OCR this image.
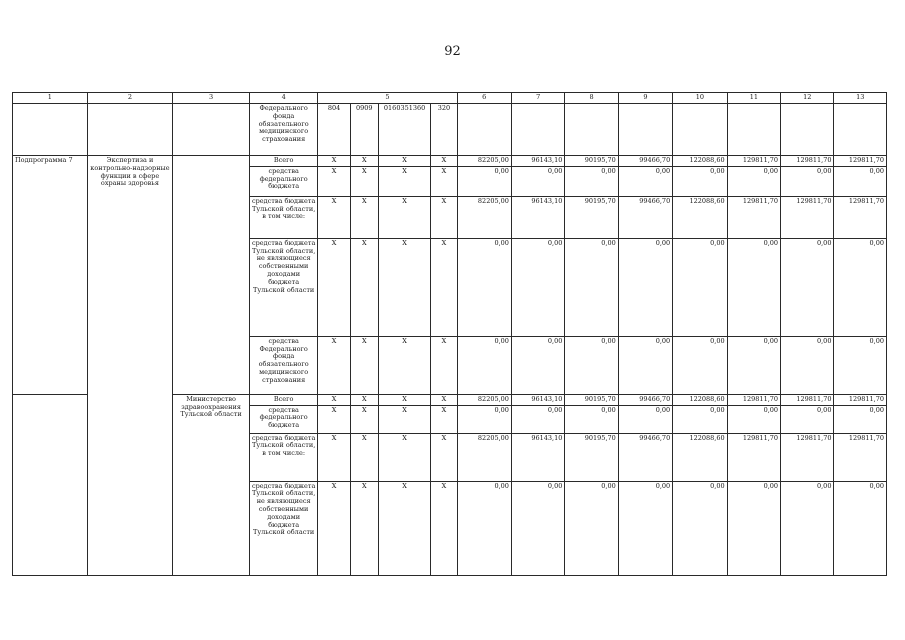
92
1	2	3	4	5				6	7	8	9	10	11	12	13
			Федерального фонда обязательного медицинского страхования	804	0909	0160351360	320								
Подпрограмма 7	Экспертиза и контрольно-надзорные функции в сфере охраны здоровья		Всего	X	X	X	X	82205,00	96143,10	90195,70	99466,70	122088,60	129811,70	129811,70	129811,70
			средства федерального бюджета	X	X	X	X	0,00	0,00	0,00	0,00	0,00	0,00	0,00	0,00
			средства бюджета Тульской области, в том числе:	X	X	X	X	82205,00	96143,10	90195,70	99466,70	122088,60	129811,70	129811,70	129811,70
			средства бюджета Тульской области, не являющиеся собственными доходами бюджета Тульской области	X	X	X	X	0,00	0,00	0,00	0,00	0,00	0,00	0,00	0,00
			средства Федерального фонда обязательного медицинского страхования	X	X	X	X	0,00	0,00	0,00	0,00	0,00	0,00	0,00	0,00
		Министерство здравоохранения Тульской области	Всего	X	X	X	X	82205,00	96143,10	90195,70	99466,70	122088,60	129811,70	129811,70	129811,70
			средства федерального бюджета	X	X	X	X	0,00	0,00	0,00	0,00	0,00	0,00	0,00	0,00
			средства бюджета Тульской области, в том числе:	X	X	X	X	82205,00	96143,10	90195,70	99466,70	122088,60	129811,70	129811,70	129811,70
			средства бюджета Тульской области, не являющиеся собственными доходами бюджета Тульской области	X	X	X	X	0,00	0,00	0,00	0,00	0,00	0,00	0,00	0,00
